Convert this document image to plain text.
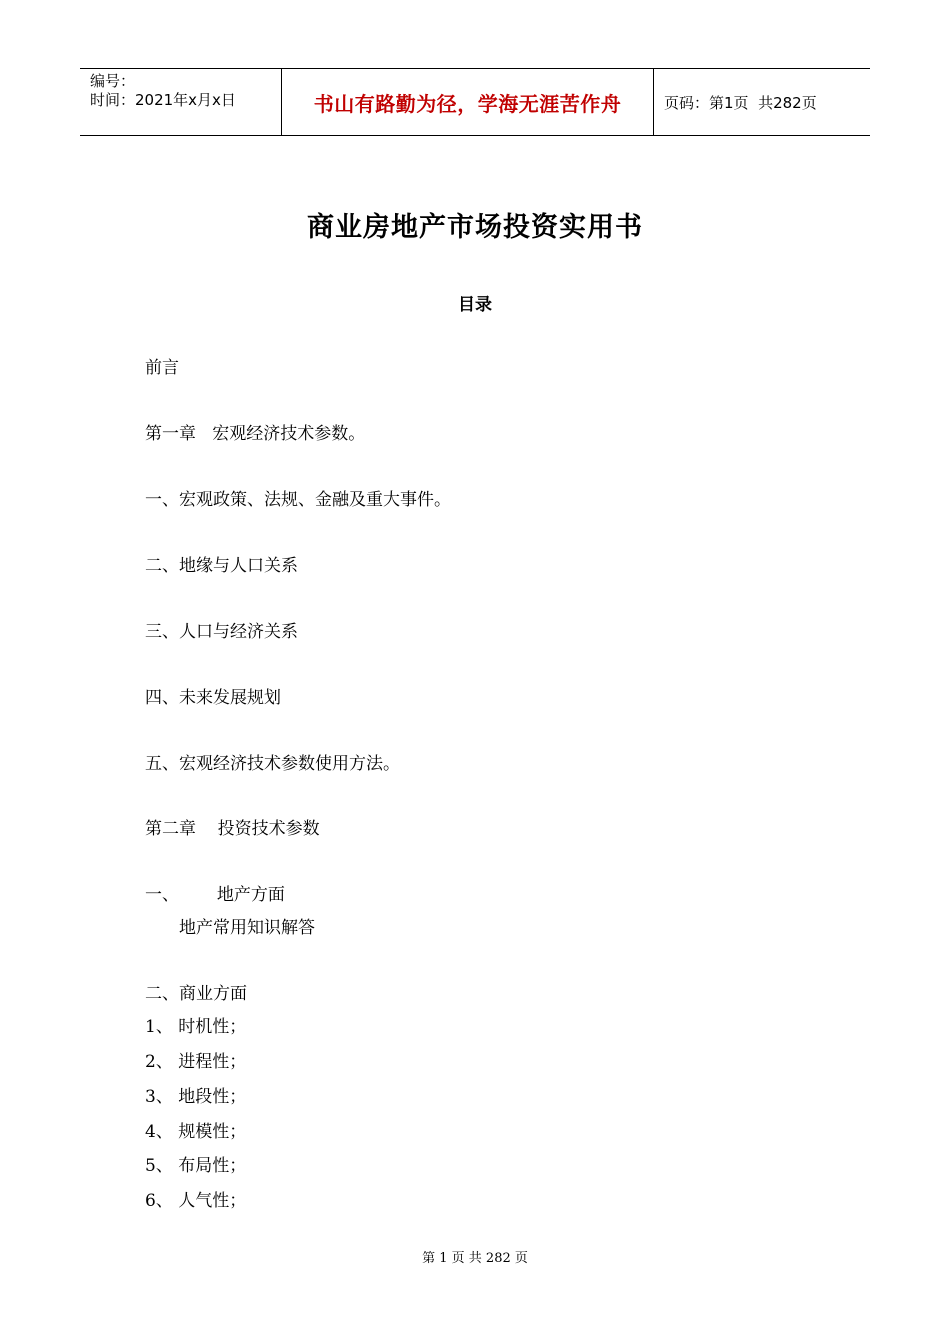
编号：
时间：2021年x月x日	书山有路勤为径，学海无涯苦作舟	页码：第1页  共282页
商业房地产市场投资实用书
目录
前言
第一章   宏观经济技术参数。
一、宏观政策、法规、金融及重大事件。
二、地缘与人口关系
三、人口与经济关系
四、未来发展规划
五、宏观经济技术参数使用方法。
第二章    投资技术参数
一、       地产方面
地产常用知识解答
二、商业方面
1、 时机性；
2、 进程性；
3、 地段性；
4、 规模性；
5、 布局性；
6、 人气性；
第 1 页 共 282 页
